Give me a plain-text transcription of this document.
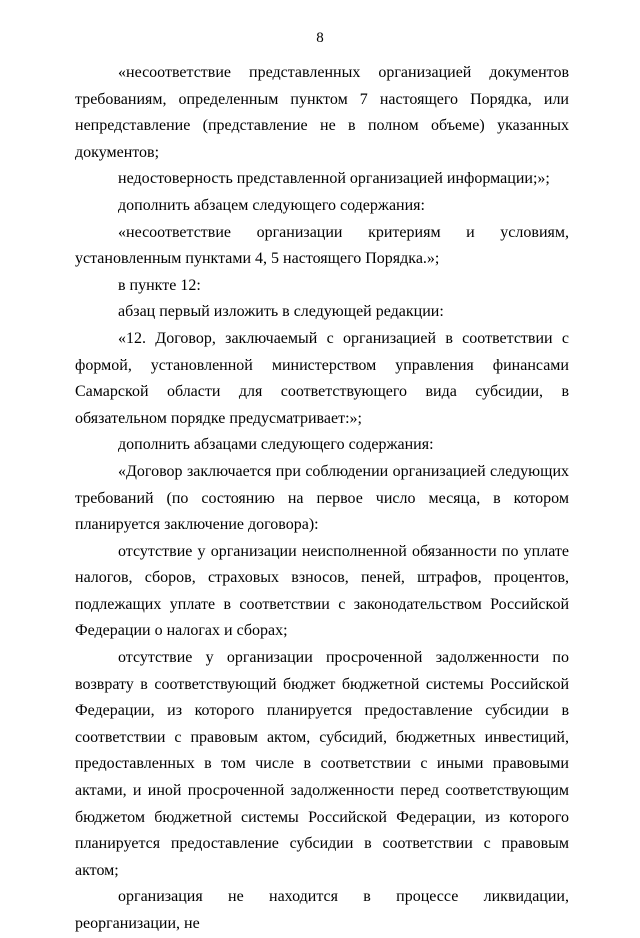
8

«несоответствие представленных организацией документов требованиям, определенным пунктом 7 настоящего Порядка, или непредставление (представление не в полном объеме) указанных документов;

недостоверность представленной организацией информации;»;

дополнить абзацем следующего содержания:

«несоответствие организации критериям и условиям, установленным пунктами 4, 5 настоящего Порядка.»;

в пункте 12:

абзац первый изложить в следующей редакции:

«12. Договор, заключаемый с организацией в соответствии с формой, установленной министерством управления финансами Самарской области для соответствующего вида субсидии, в обязательном порядке предусматривает:»;

дополнить абзацами следующего содержания:

«Договор заключается при соблюдении организацией следующих требований (по состоянию на первое число месяца, в котором планируется заключение договора):

отсутствие у организации неисполненной обязанности по уплате налогов, сборов, страховых взносов, пеней, штрафов, процентов, подлежащих уплате в соответствии с законодательством Российской Федерации о налогах и сборах;

отсутствие у организации просроченной задолженности по возврату в соответствующий бюджет бюджетной системы Российской Федерации, из которого планируется предоставление субсидии в соответствии с правовым актом, субсидий, бюджетных инвестиций, предоставленных в том числе в соответствии с иными правовыми актами, и иной просроченной задолженности перед соответствующим бюджетом бюджетной системы Российской Федерации, из которого планируется предоставление субсидии в соответствии с правовым актом;

организация не находится в процессе ликвидации, реорганизации, не
